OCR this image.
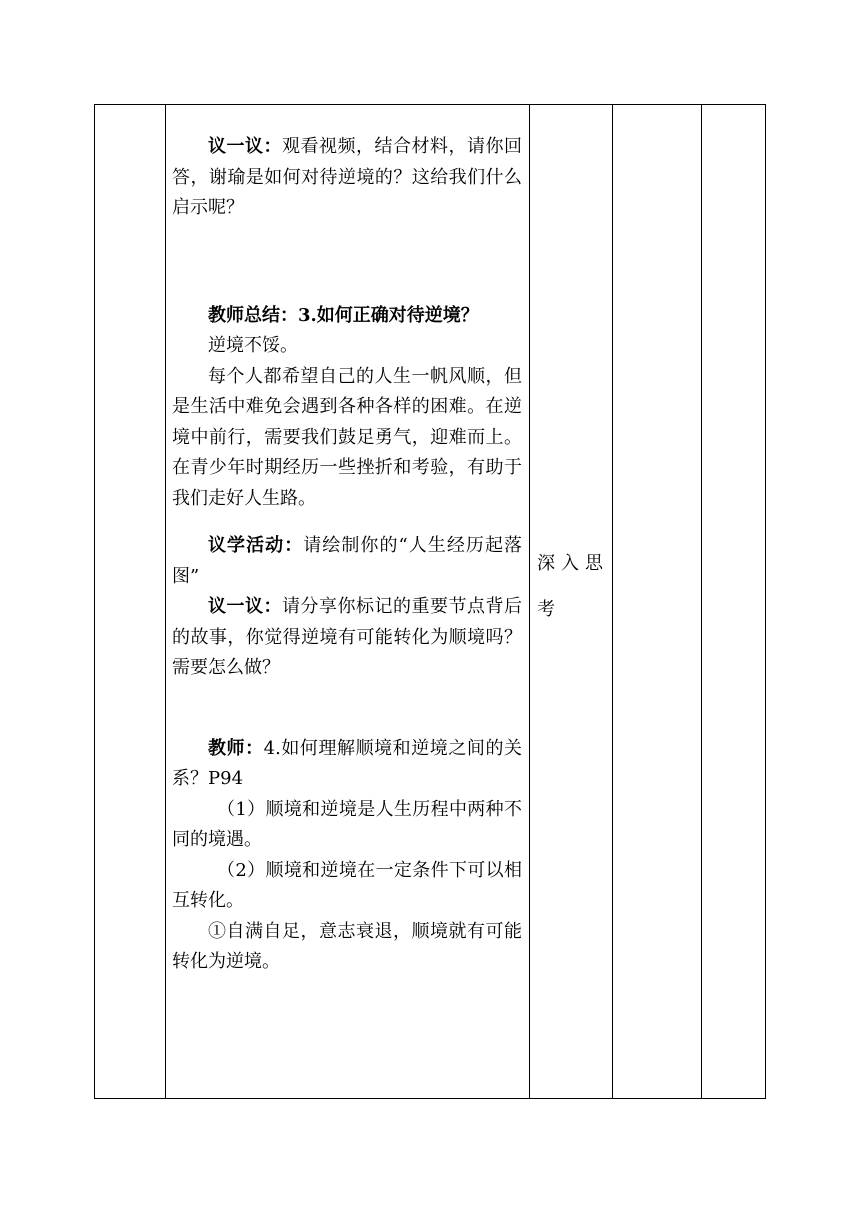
议一议：观看视频，结合材料，请你回答，谢瑜是如何对待逆境的？这给我们什么启示呢？

教师总结：3.如何正确对待逆境？

逆境不馁。

每个人都希望自己的人生一帆风顺，但是生活中难免会遇到各种各样的困难。在逆境中前行，需要我们鼓足勇气，迎难而上。在青少年时期经历一些挫折和考验，有助于我们走好人生路。

议学活动：请绘制你的“人生经历起落图”

议一议：请分享你标记的重要节点背后的故事，你觉得逆境有可能转化为顺境吗？需要怎么做？

教师：4.如何理解顺境和逆境之间的关系？P94

（1）顺境和逆境是人生历程中两种不同的境遇。

（2）顺境和逆境在一定条件下可以相互转化。

①自满自足，意志衰退，顺境就有可能转化为逆境。

深入思
考
